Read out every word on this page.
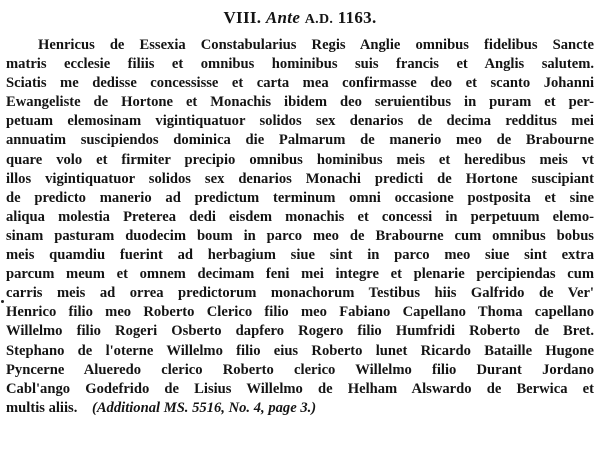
VIII. Ante A.D. 1163.
Henricus de Essexia Constabularius Regis Anglie omnibus fidelibus Sancte
matris ecclesie filiis et omnibus hominibus suis francis et Anglis salutem.
Sciatis me dedisse concessisse et carta mea confirmasse deo et scanto Johanni
Ewangeliste de Hortone et Monachis ibidem deo seruientibus in puram et per-
petuam elemosinam vigintiquatuor solidos sex denarios de decima redditus mei
annuatim suscipiendos dominica die Palmarum de manerio meo de Brabourne
quare volo et firmiter precipio omnibus hominibus meis et heredibus meis vt
illos vigintiquatuor solidos sex denarios Monachi predicti de Hortone suscipiant
de predicto manerio ad predictum terminum omni occasione postposita et sine
aliqua molestia Preterea dedi eisdem monachis et concessi in perpetuum elemo-
sinam pasturam duodecim boum in parco meo de Brabourne cum omnibus bobus
meis quamdiu fuerint ad herbagium siue sint in parco meo siue sint extra
parcum meum et omnem decimam feni mei integre et plenarie percipiendas cum
carris meis ad orrea predictorum monachorum Testibus hiis Galfrido de Ver'
Henrico filio meo Roberto Clerico filio meo Fabiano Capellano Thoma capellano
Willelmo filio Rogeri Osberto dapfero Rogero filio Humfridi Roberto de Bret.
Stephano de l'oterne Willelmo filio eius Roberto lunet Ricardo Bataille Hugone
Pyncerne Alueredo clerico Roberto clerico Willelmo filio Durant Jordano
Cabl'ango Godefrido de Lisius Willelmo de Helham Alswardo de Berwica et
multis aliis. (Additional MS. 5516, No. 4, page 3.)
